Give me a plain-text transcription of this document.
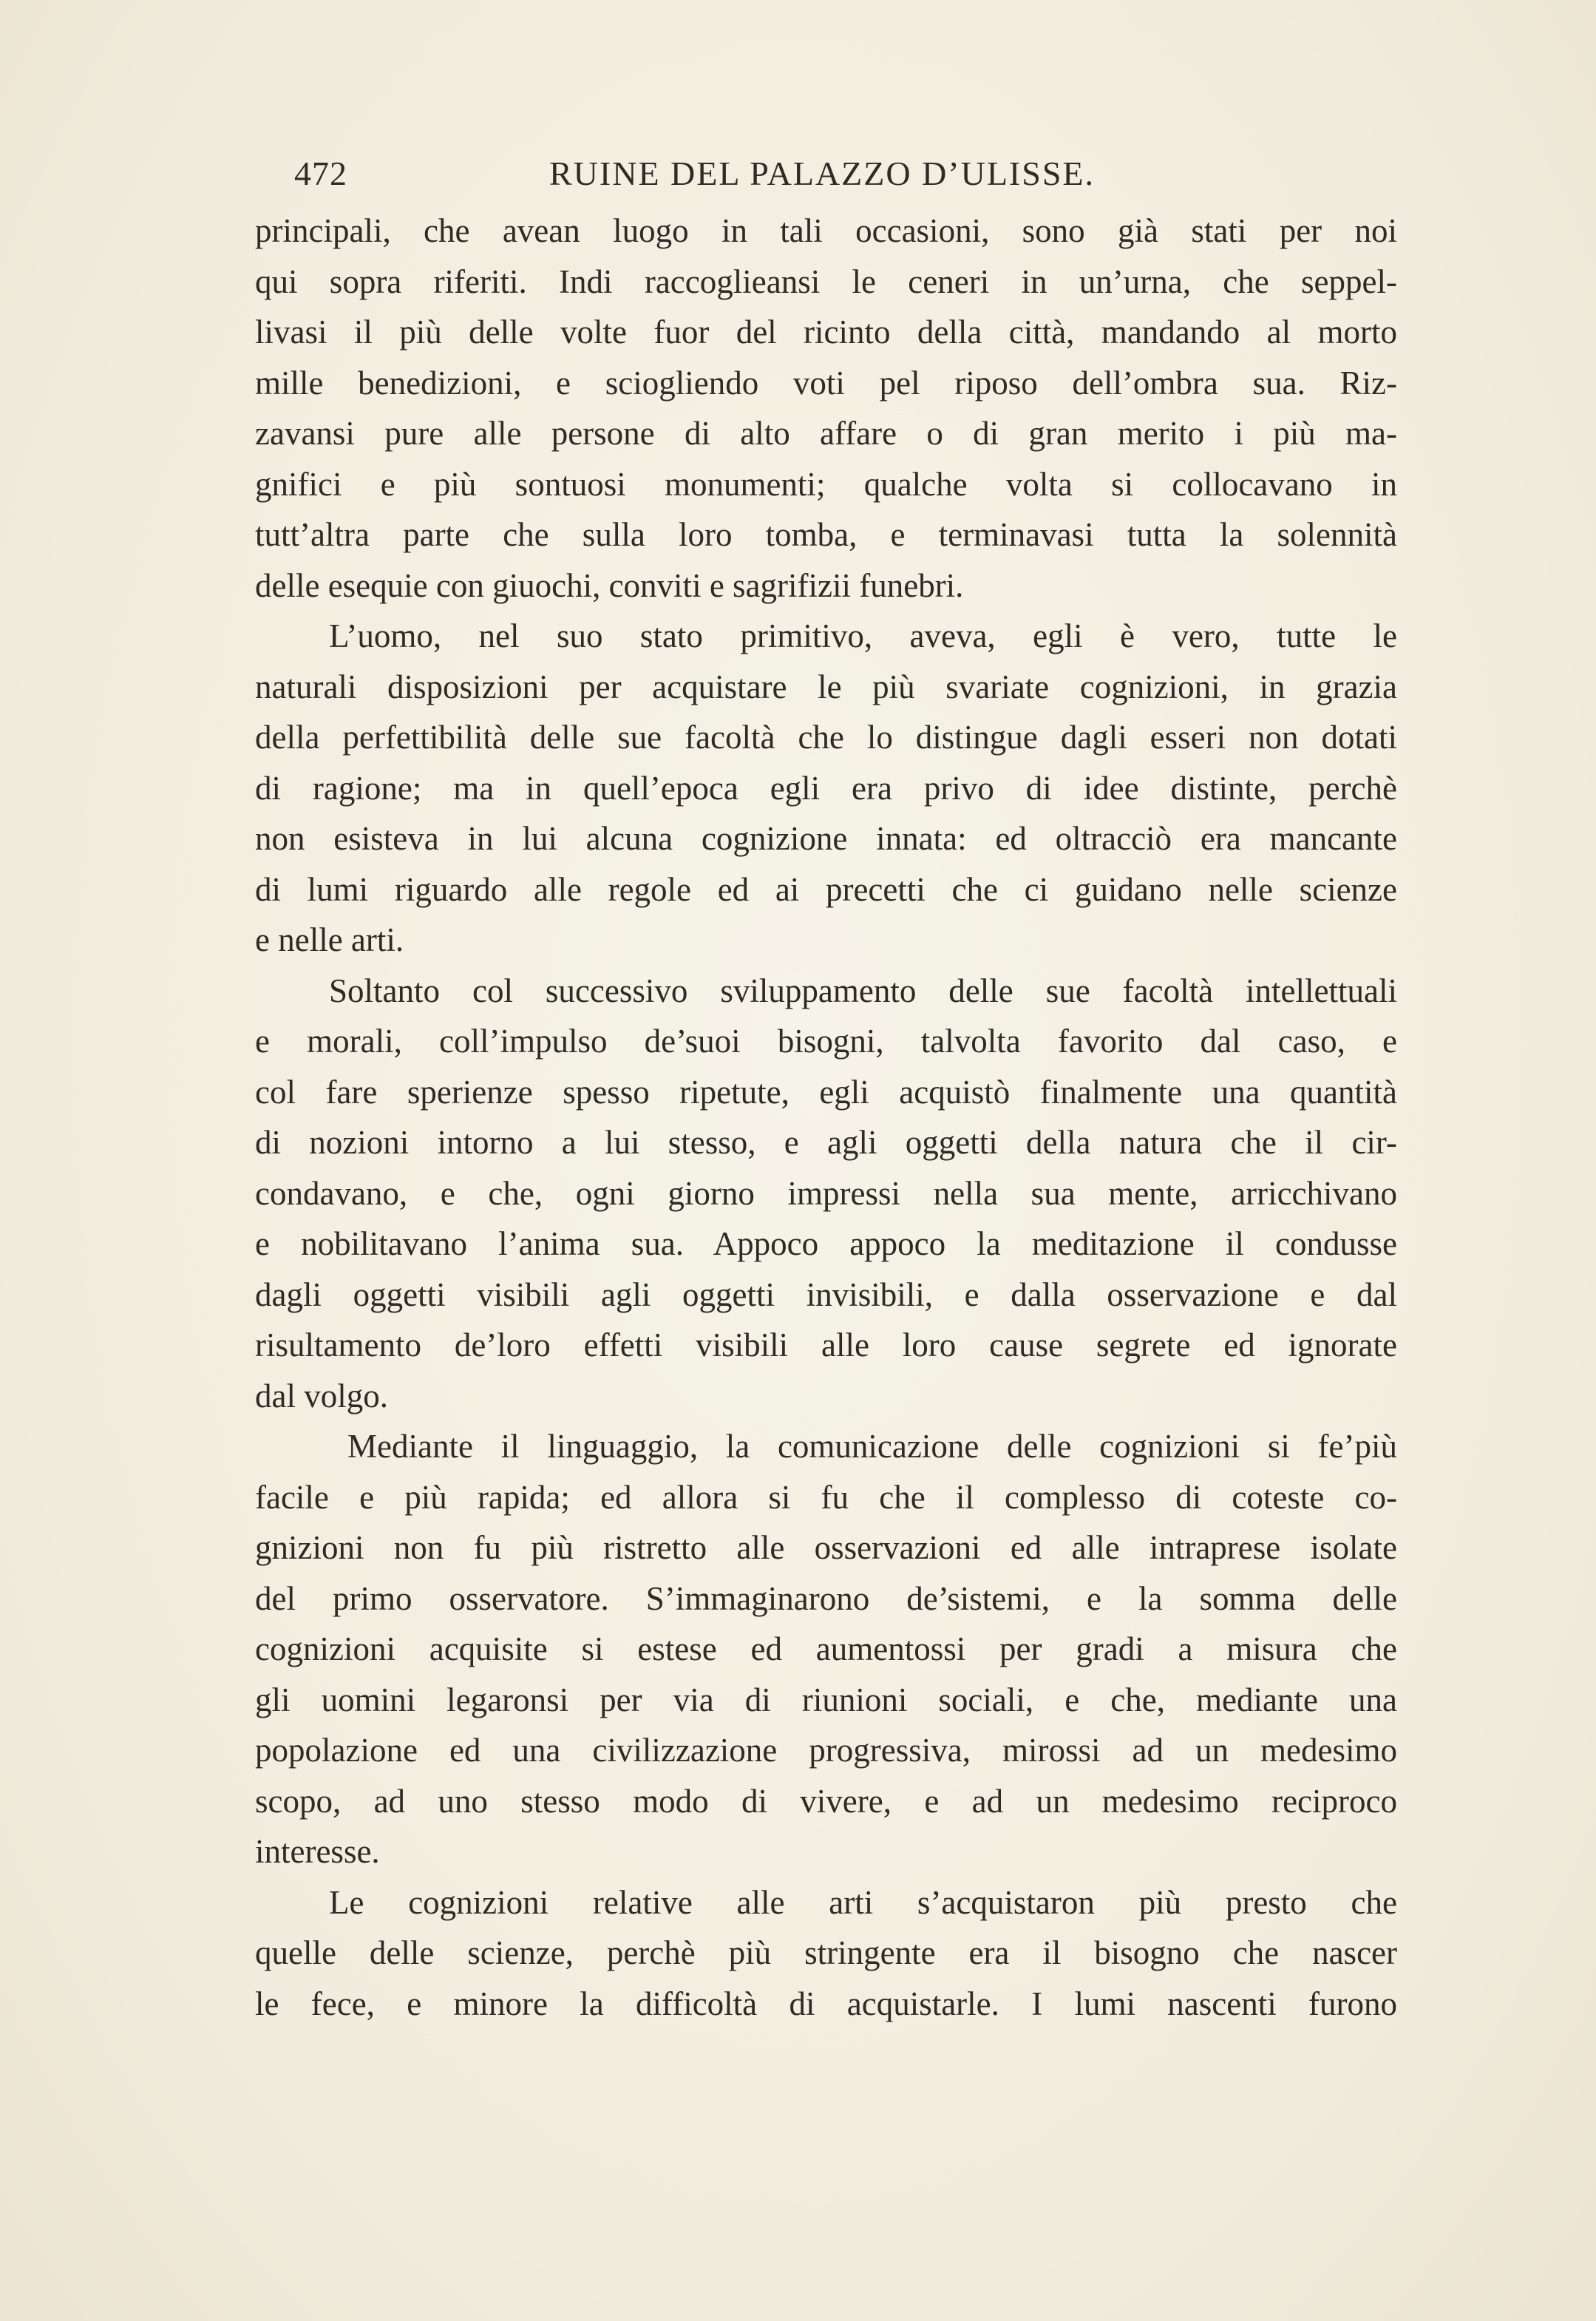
472	RUINE DEL PALAZZO D’ULISSE.
principali, che avean luogo in tali occasioni, sono già stati per noi
qui sopra riferiti. Indi raccoglieansi le ceneri in un’urna, che seppel-
livasi il più delle volte fuor del ricinto della città, mandando al morto
mille benedizioni, e sciogliendo voti pel riposo dell’ombra sua. Riz-
zavansi pure alle persone di alto affare o di gran merito i più ma-
gnifici e più sontuosi monumenti; qualche volta si collocavano in
tutt’altra parte che sulla loro tomba, e terminavasi tutta la solennità
delle esequie con giuochi, conviti e sagrifizii funebri.
L’uomo, nel suo stato primitivo, aveva, egli è vero, tutte le
naturali disposizioni per acquistare le più svariate cognizioni, in grazia
della perfettibilità delle sue facoltà che lo distingue dagli esseri non dotati
di ragione; ma in quell’epoca egli era privo di idee distinte, perchè
non esisteva in lui alcuna cognizione innata: ed oltracciò era mancante
di lumi riguardo alle regole ed ai precetti che ci guidano nelle scienze
e nelle arti.
Soltanto col successivo sviluppamento delle sue facoltà intellettuali
e morali, coll’impulso de’suoi bisogni, talvolta favorito dal caso, e
col fare sperienze spesso ripetute, egli acquistò finalmente una quantità
di nozioni intorno a lui stesso, e agli oggetti della natura che il cir-
condavano, e che, ogni giorno impressi nella sua mente, arricchivano
e nobilitavano l’anima sua. Appoco appoco la meditazione il condusse
dagli oggetti visibili agli oggetti invisibili, e dalla osservazione e dal
risultamento de’loro effetti visibili alle loro cause segrete ed ignorate
dal volgo.
Mediante il linguaggio, la comunicazione delle cognizioni si fe’più
facile e più rapida; ed allora si fu che il complesso di coteste co-
gnizioni non fu più ristretto alle osservazioni ed alle intraprese isolate
del primo osservatore. S’immaginarono de’sistemi, e la somma delle
cognizioni acquisite si estese ed aumentossi per gradi a misura che
gli uomini legaronsi per via di riunioni sociali, e che, mediante una
popolazione ed una civilizzazione progressiva, mirossi ad un medesimo
scopo, ad uno stesso modo di vivere, e ad un medesimo reciproco
interesse.
Le cognizioni relative alle arti s’acquistaron più presto che
quelle delle scienze, perchè più stringente era il bisogno che nascer
le fece, e minore la difficoltà di acquistarle. I lumi nascenti furono
